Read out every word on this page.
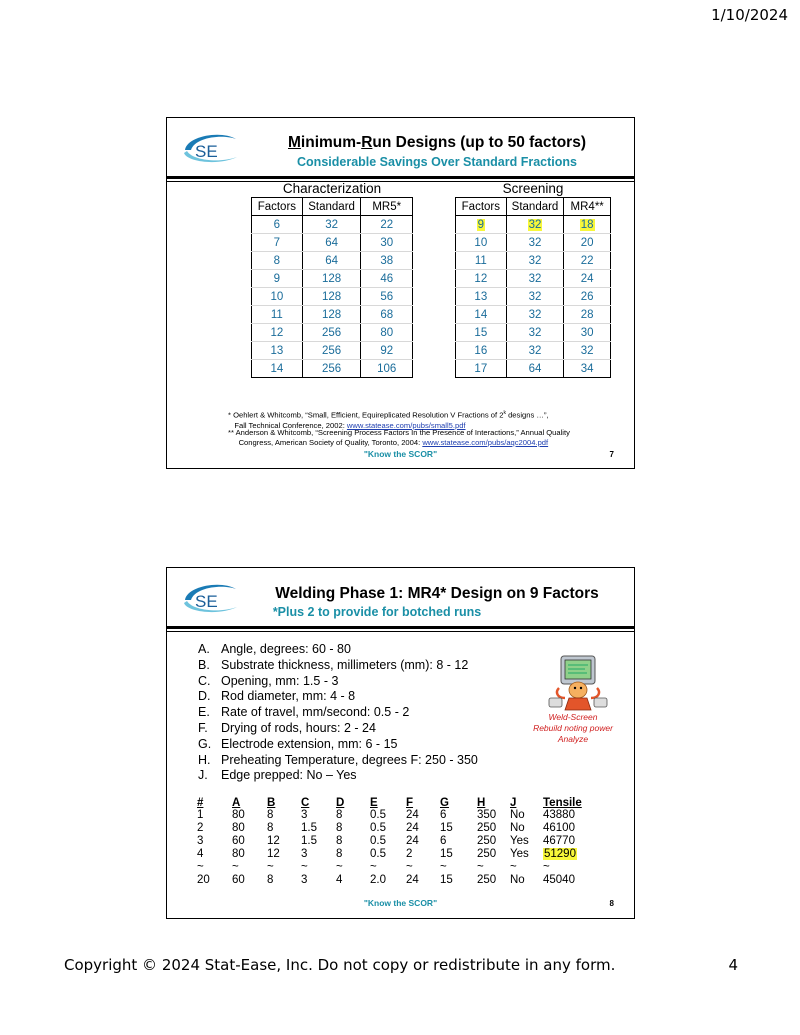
1/10/2024
SE	Minimum-Run Designs (up to 50 factors)
Considerable Savings Over Standard Fractions
Characterization
Factors	Standard	MR5*
6	32	22
7	64	30
8	64	38
9	128	46
10	128	56
11	128	68
12	256	80
13	256	92
14	256	106
Screening
Factors	Standard	MR4**
9	32	18
10	32	20
11	32	22
12	32	24
13	32	26
14	32	28
15	32	30
16	32	32
17	64	34
* Oehlert & Whitcomb, “Small, Efficient, Equireplicated Resolution V Fractions of 2$^k$ designs …”,
Fall Technical Conference, 2002: www.statease.com/pubs/small5.pdf
** Anderson & Whitcomb, “Screening Process Factors In the Presence of Interactions,” Annual Quality
Congress, American Society of Quality, Toronto, 2004: www.statease.com/pubs/aqc2004.pdf
"Know the SCOR"	7
SE	Welding Phase 1: MR4* Design on 9 Factors
*Plus 2 to provide for botched runs
A. Angle, degrees: 60 - 80
B. Substrate thickness, millimeters (mm): 8 - 12
C. Opening, mm: 1.5 - 3
D. Rod diameter, mm: 4 - 8
E. Rate of travel, mm/second: 0.5 - 2
F. Drying of rods, hours: 2 - 24
G. Electrode extension, mm: 6 - 15
H. Preheating Temperature, degrees F: 250 - 350
J. Edge prepped: No – Yes
Weld-Screen
Rebuild noting power
Analyze
#	A	B	C	D	E	F	G	H	J	Tensile
1	80	8	3	8	0.5	24	6	350	No	43880
2	80	8	1.5	8	0.5	24	15	250	No	46100
3	60	12	1.5	8	0.5	24	6	250	Yes	46770
4	80	12	3	8	0.5	2	15	250	Yes	51290
~	~	~	~	~	~	~	~	~	~	~
20	60	8	3	4	2.0	24	15	250	No	45040
"Know the SCOR"	8
Copyright © 2024 Stat-Ease, Inc. Do not copy or redistribute in any form.	4
